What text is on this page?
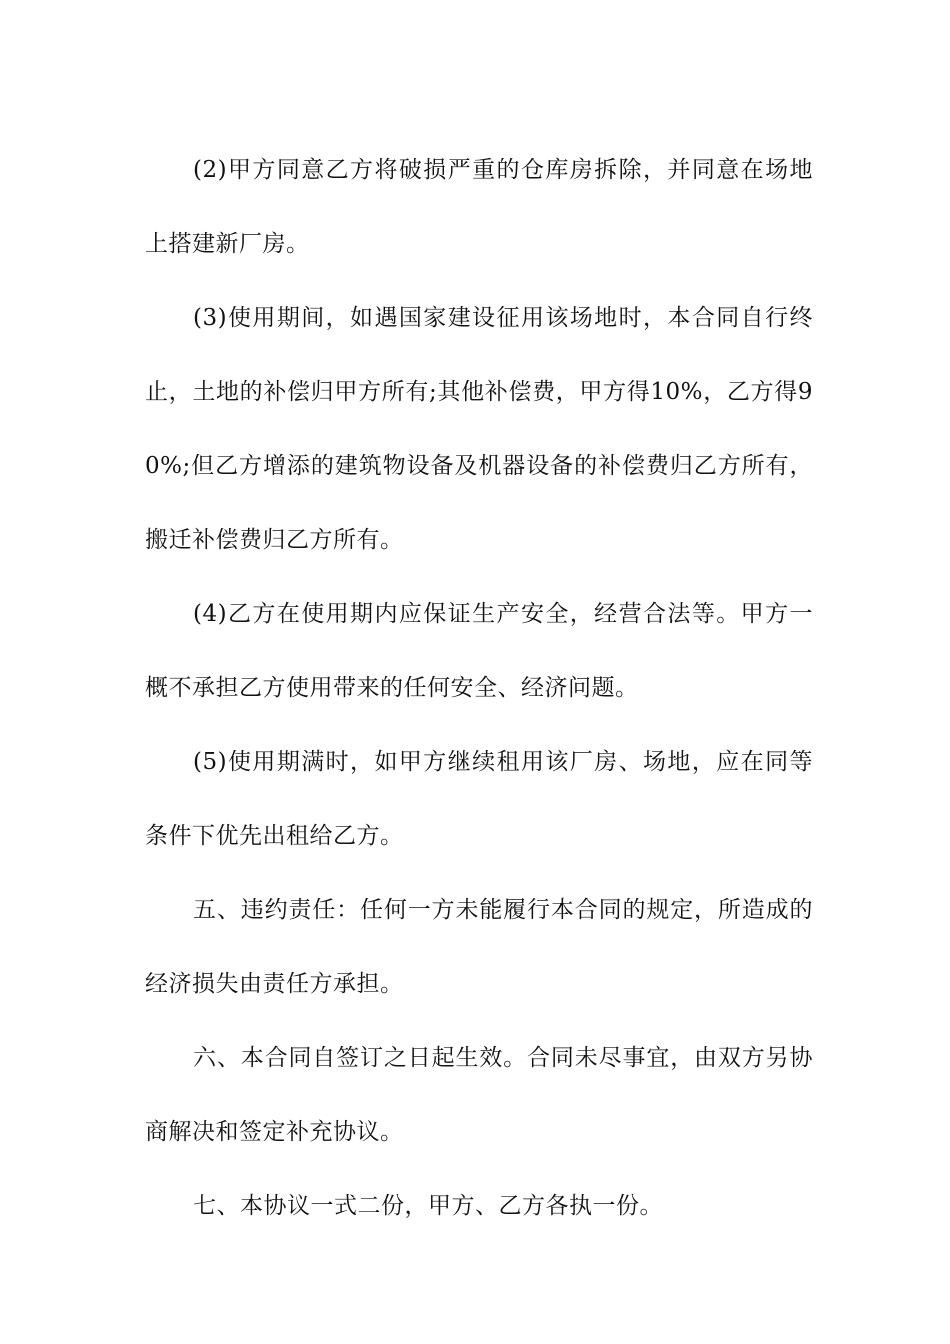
(2)甲方同意乙方将破损严重的仓库房拆除，并同意在场地上搭建新厂房。

(3)使用期间，如遇国家建设征用该场地时，本合同自行终止，土地的补偿归甲方所有;其他补偿费，甲方得10%，乙方得90%;但乙方增添的建筑物设备及机器设备的补偿费归乙方所有，搬迁补偿费归乙方所有。

(4)乙方在使用期内应保证生产安全，经营合法等。甲方一概不承担乙方使用带来的任何安全、经济问题。

(5)使用期满时，如甲方继续租用该厂房、场地，应在同等条件下优先出租给乙方。

五、违约责任：任何一方未能履行本合同的规定，所造成的经济损失由责任方承担。

六、本合同自签订之日起生效。合同未尽事宜，由双方另协商解决和签定补充协议。

七、本协议一式二份，甲方、乙方各执一份。
